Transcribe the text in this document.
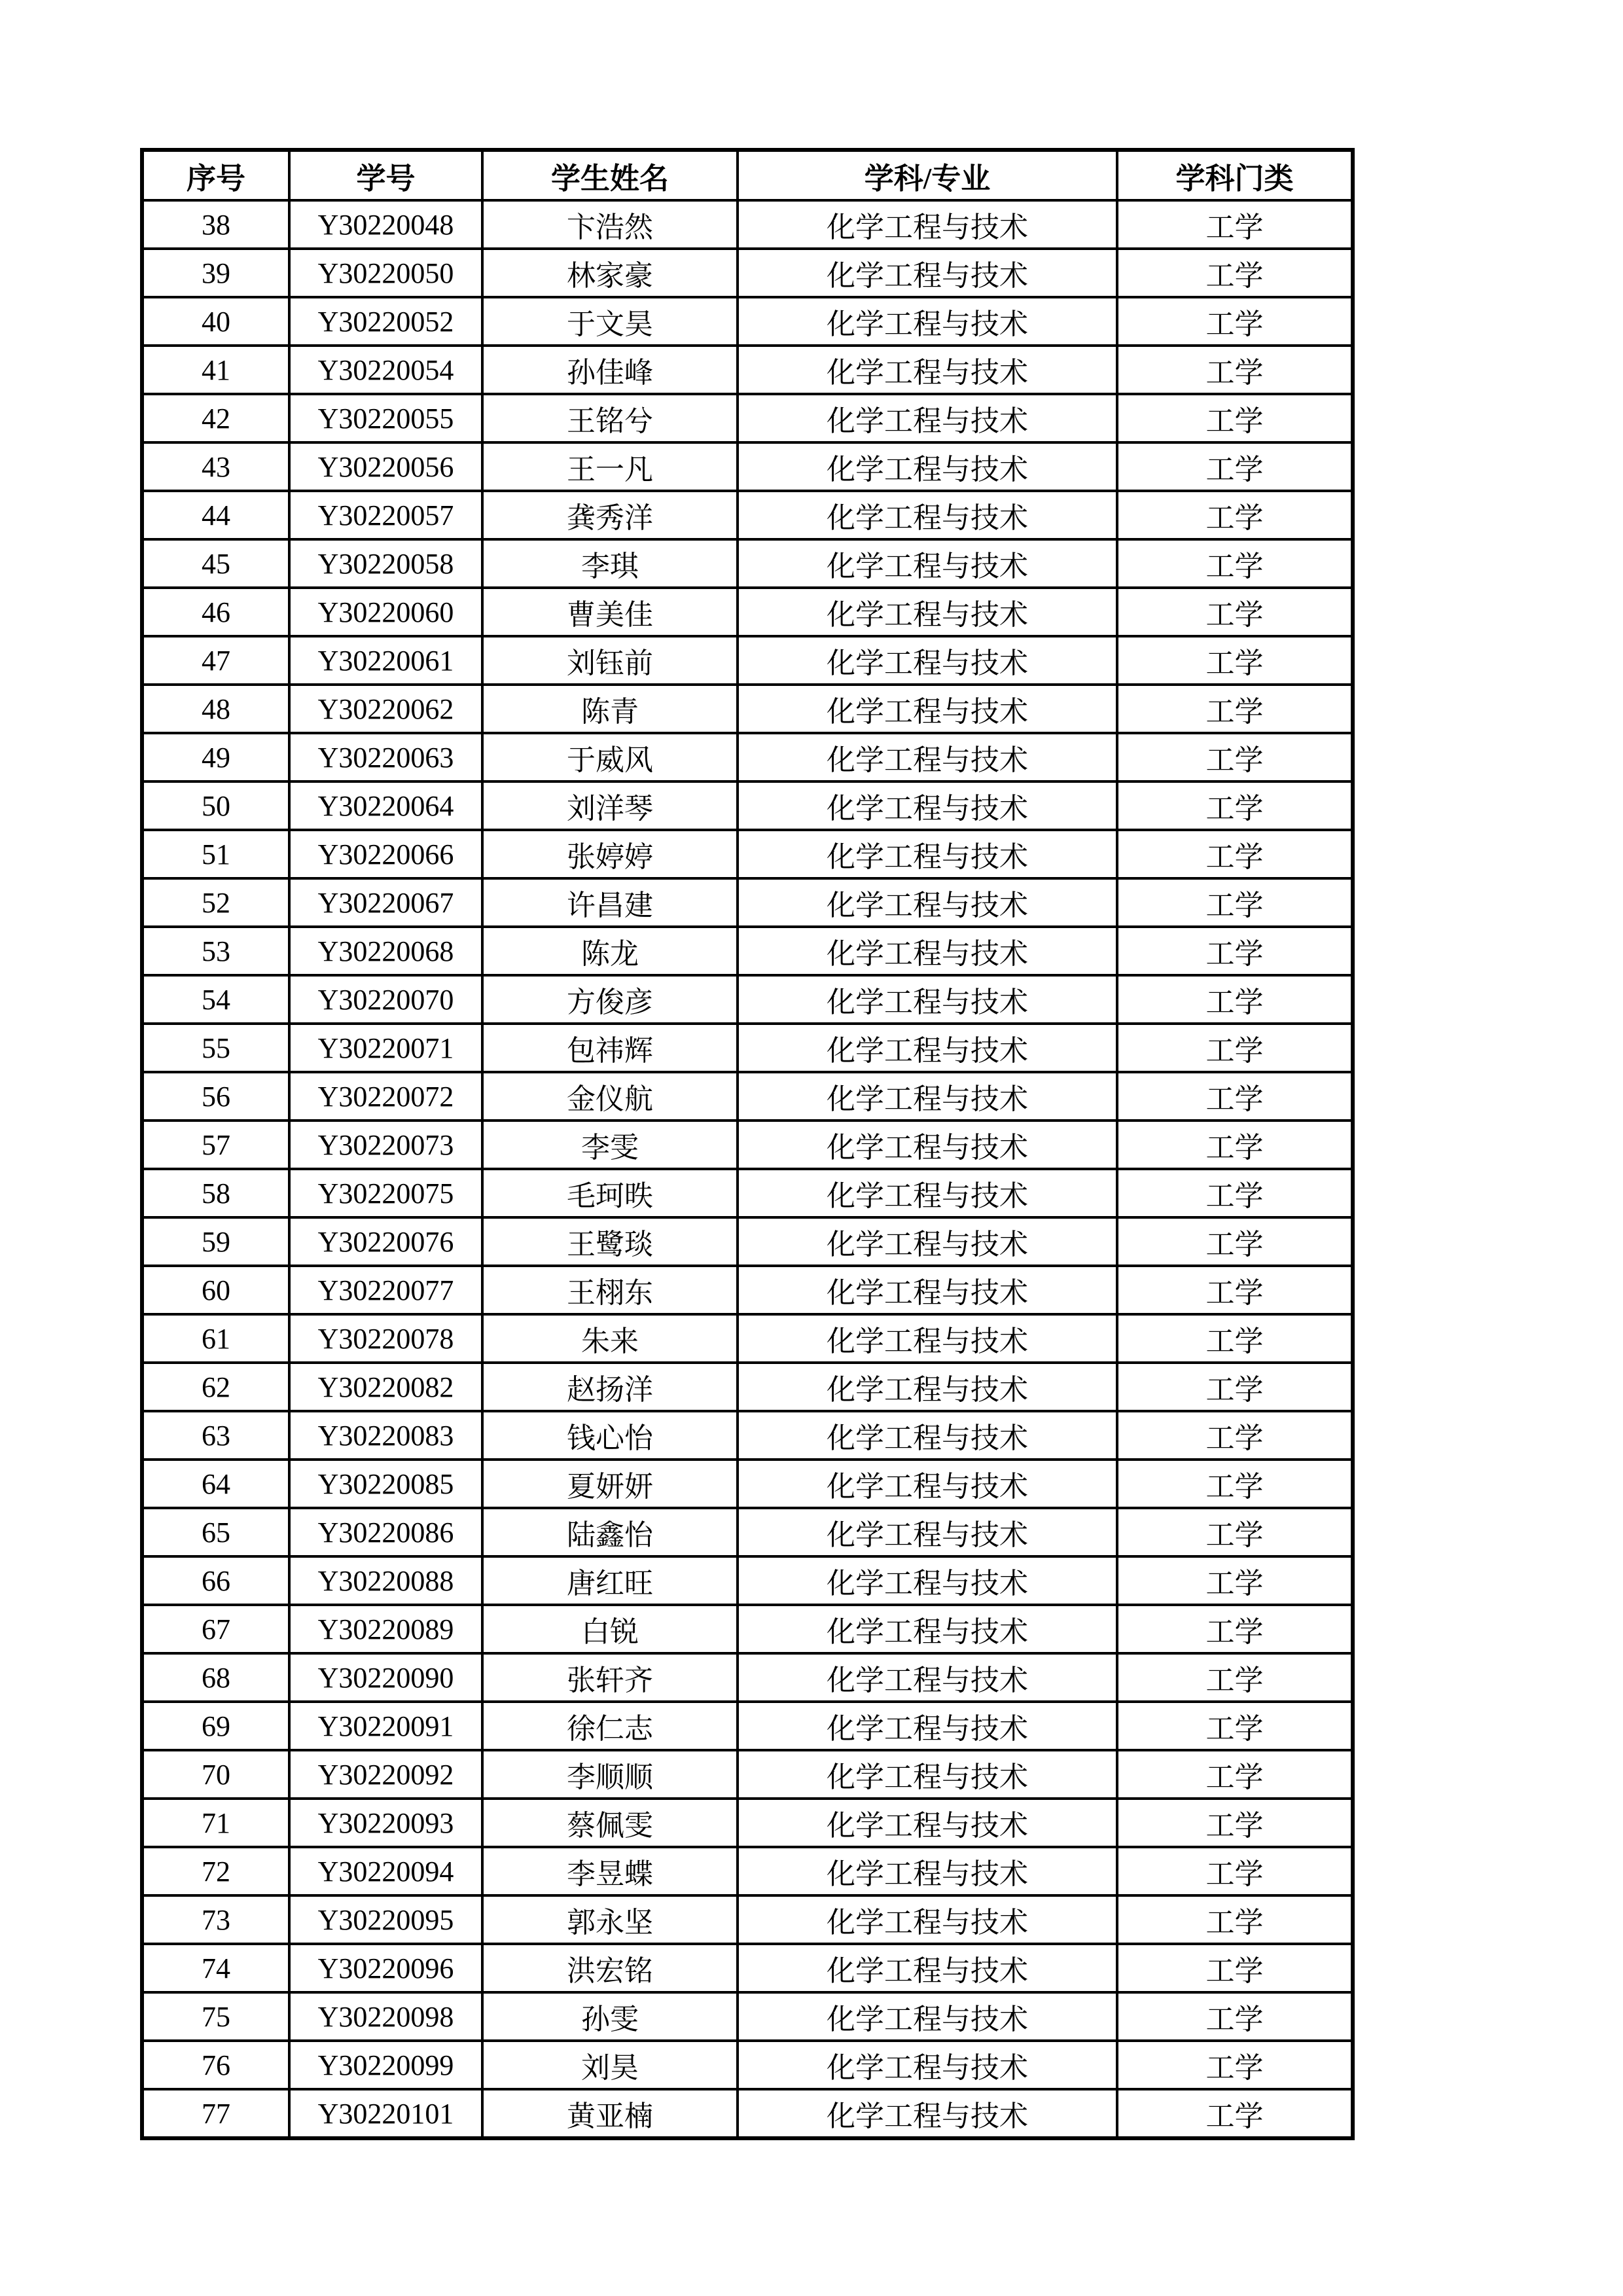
序号	学号	学生姓名	学科/专业	学科门类
38	Y30220048	卞浩然	化学工程与技术	工学
39	Y30220050	林家豪	化学工程与技术	工学
40	Y30220052	于文昊	化学工程与技术	工学
41	Y30220054	孙佳峰	化学工程与技术	工学
42	Y30220055	王铭兮	化学工程与技术	工学
43	Y30220056	王一凡	化学工程与技术	工学
44	Y30220057	龚秀洋	化学工程与技术	工学
45	Y30220058	李琪	化学工程与技术	工学
46	Y30220060	曹美佳	化学工程与技术	工学
47	Y30220061	刘钰前	化学工程与技术	工学
48	Y30220062	陈青	化学工程与技术	工学
49	Y30220063	于威风	化学工程与技术	工学
50	Y30220064	刘洋琴	化学工程与技术	工学
51	Y30220066	张婷婷	化学工程与技术	工学
52	Y30220067	许昌建	化学工程与技术	工学
53	Y30220068	陈龙	化学工程与技术	工学
54	Y30220070	方俊彦	化学工程与技术	工学
55	Y30220071	包祎辉	化学工程与技术	工学
56	Y30220072	金仪航	化学工程与技术	工学
57	Y30220073	李雯	化学工程与技术	工学
58	Y30220075	毛珂昳	化学工程与技术	工学
59	Y30220076	王鹭琰	化学工程与技术	工学
60	Y30220077	王栩东	化学工程与技术	工学
61	Y30220078	朱来	化学工程与技术	工学
62	Y30220082	赵扬洋	化学工程与技术	工学
63	Y30220083	钱心怡	化学工程与技术	工学
64	Y30220085	夏妍妍	化学工程与技术	工学
65	Y30220086	陆鑫怡	化学工程与技术	工学
66	Y30220088	唐红旺	化学工程与技术	工学
67	Y30220089	白锐	化学工程与技术	工学
68	Y30220090	张轩齐	化学工程与技术	工学
69	Y30220091	徐仁志	化学工程与技术	工学
70	Y30220092	李顺顺	化学工程与技术	工学
71	Y30220093	蔡佩雯	化学工程与技术	工学
72	Y30220094	李昱蝶	化学工程与技术	工学
73	Y30220095	郭永坚	化学工程与技术	工学
74	Y30220096	洪宏铭	化学工程与技术	工学
75	Y30220098	孙雯	化学工程与技术	工学
76	Y30220099	刘昊	化学工程与技术	工学
77	Y30220101	黄亚楠	化学工程与技术	工学
